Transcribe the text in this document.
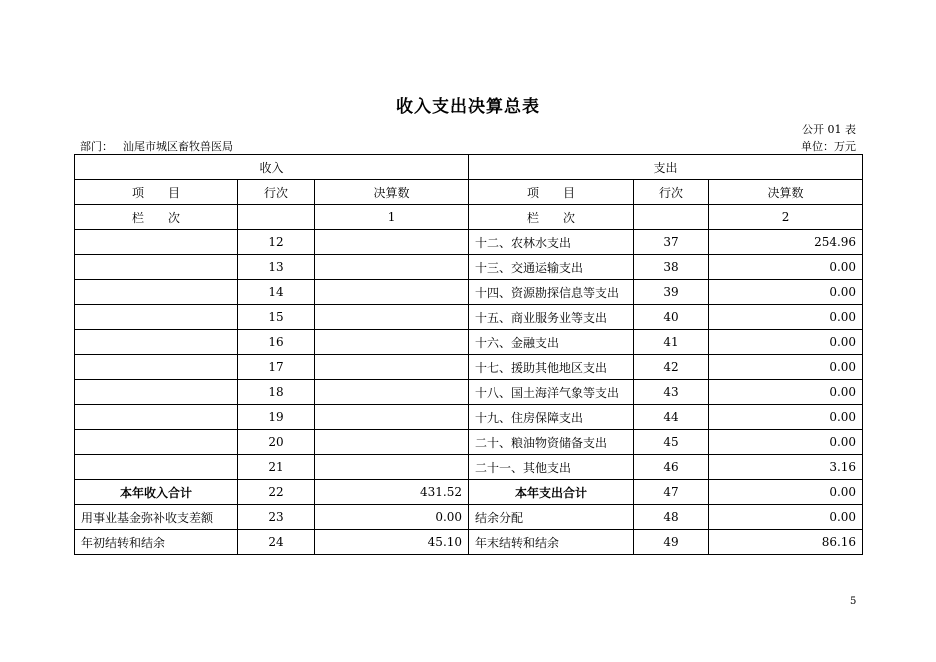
收入支出决算总表
公开 01 表
部门： 汕尾市城区畜牧兽医局	单位：万元
收入			支出		
项　　目	行次	决算数	项　　目	行次	决算数
栏　　次		1	栏　　次		2
	12		十二、农林水支出	37	254.96
	13		十三、交通运输支出	38	0.00
	14		十四、资源勘探信息等支出	39	0.00
	15		十五、商业服务业等支出	40	0.00
	16		十六、金融支出	41	0.00
	17		十七、援助其他地区支出	42	0.00
	18		十八、国土海洋气象等支出	43	0.00
	19		十九、住房保障支出	44	0.00
	20		二十、粮油物资储备支出	45	0.00
	21		二十一、其他支出	46	3.16
本年收入合计	22	431.52	本年支出合计	47	0.00
用事业基金弥补收支差额	23	0.00	结余分配	48	0.00
年初结转和结余	24	45.10	年末结转和结余	49	86.16
5
